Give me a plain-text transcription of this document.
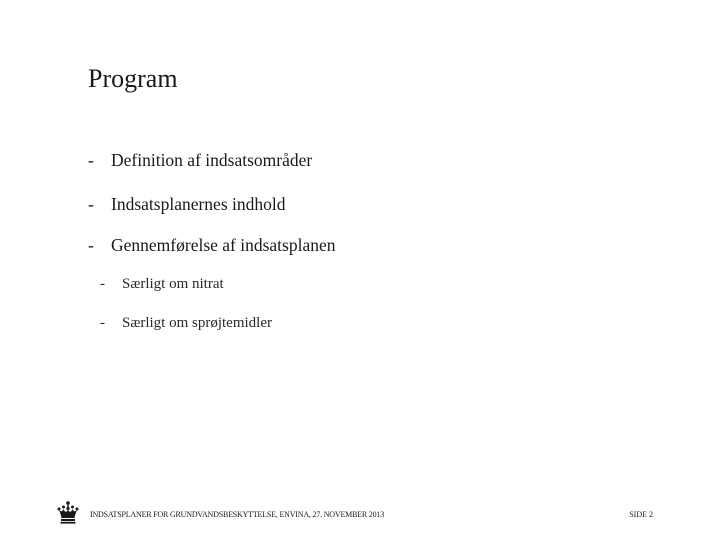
Program
- Definition af indsatsområder
- Indsatsplanernes indhold
- Gennemførelse af indsatsplanen
- Særligt om nitrat
- Særligt om sprøjtemidler
INDSATSPLANER FOR GRUNDVANDSBESKYTTELSE, ENVINA, 27. NOVEMBER 2013	SIDE 2
